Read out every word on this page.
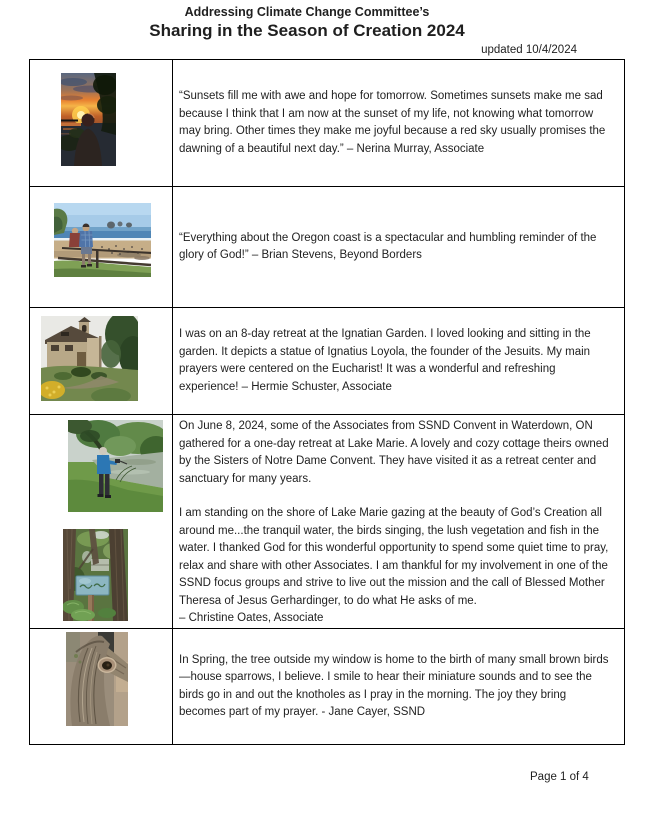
Addressing Climate Change Committee’s
Sharing in the Season of Creation 2024
updated 10/4/2024

“Sunsets fill me with awe and hope for tomorrow. Sometimes sunsets make me sad because I think that I am now at the sunset of my life, not knowing what tomorrow may bring. Other times they make me joyful because a red sky usually promises the dawning of a beautiful next day.” – Nerina Murray, Associate

“Everything about the Oregon coast is a spectacular and humbling reminder of the glory of God!” – Brian Stevens, Beyond Borders

I was on an 8-day retreat at the Ignatian Garden. I loved looking and sitting in the garden. It depicts a statue of Ignatius Loyola, the founder of the Jesuits. My main prayers were centered on the Eucharist! It was a wonderful and refreshing experience! – Hermie Schuster, Associate

On June 8, 2024, some of the Associates from SSND Convent in Waterdown, ON gathered for a one-day retreat at Lake Marie. A lovely and cozy cottage theirs owned by the Sisters of Notre Dame Convent. They have visited it as a retreat center and sanctuary for many years.

I am standing on the shore of Lake Marie gazing at the beauty of God’s Creation all around me...the tranquil water, the birds singing, the lush vegetation and fish in the water. I thanked God for this wonderful opportunity to spend some quiet time to pray, relax and share with other Associates. I am thankful for my involvement in one of the SSND focus groups and strive to live out the mission and the call of Blessed Mother Theresa of Jesus Gerhardinger, to do what He asks of me.

– Christine Oates, Associate

In Spring, the tree outside my window is home to the birth of many small brown birds—house sparrows, I believe. I smile to hear their miniature sounds and to see the birds go in and out the knotholes as I pray in the morning. The joy they bring becomes part of my prayer. - Jane Cayer, SSND

Page 1 of 4
